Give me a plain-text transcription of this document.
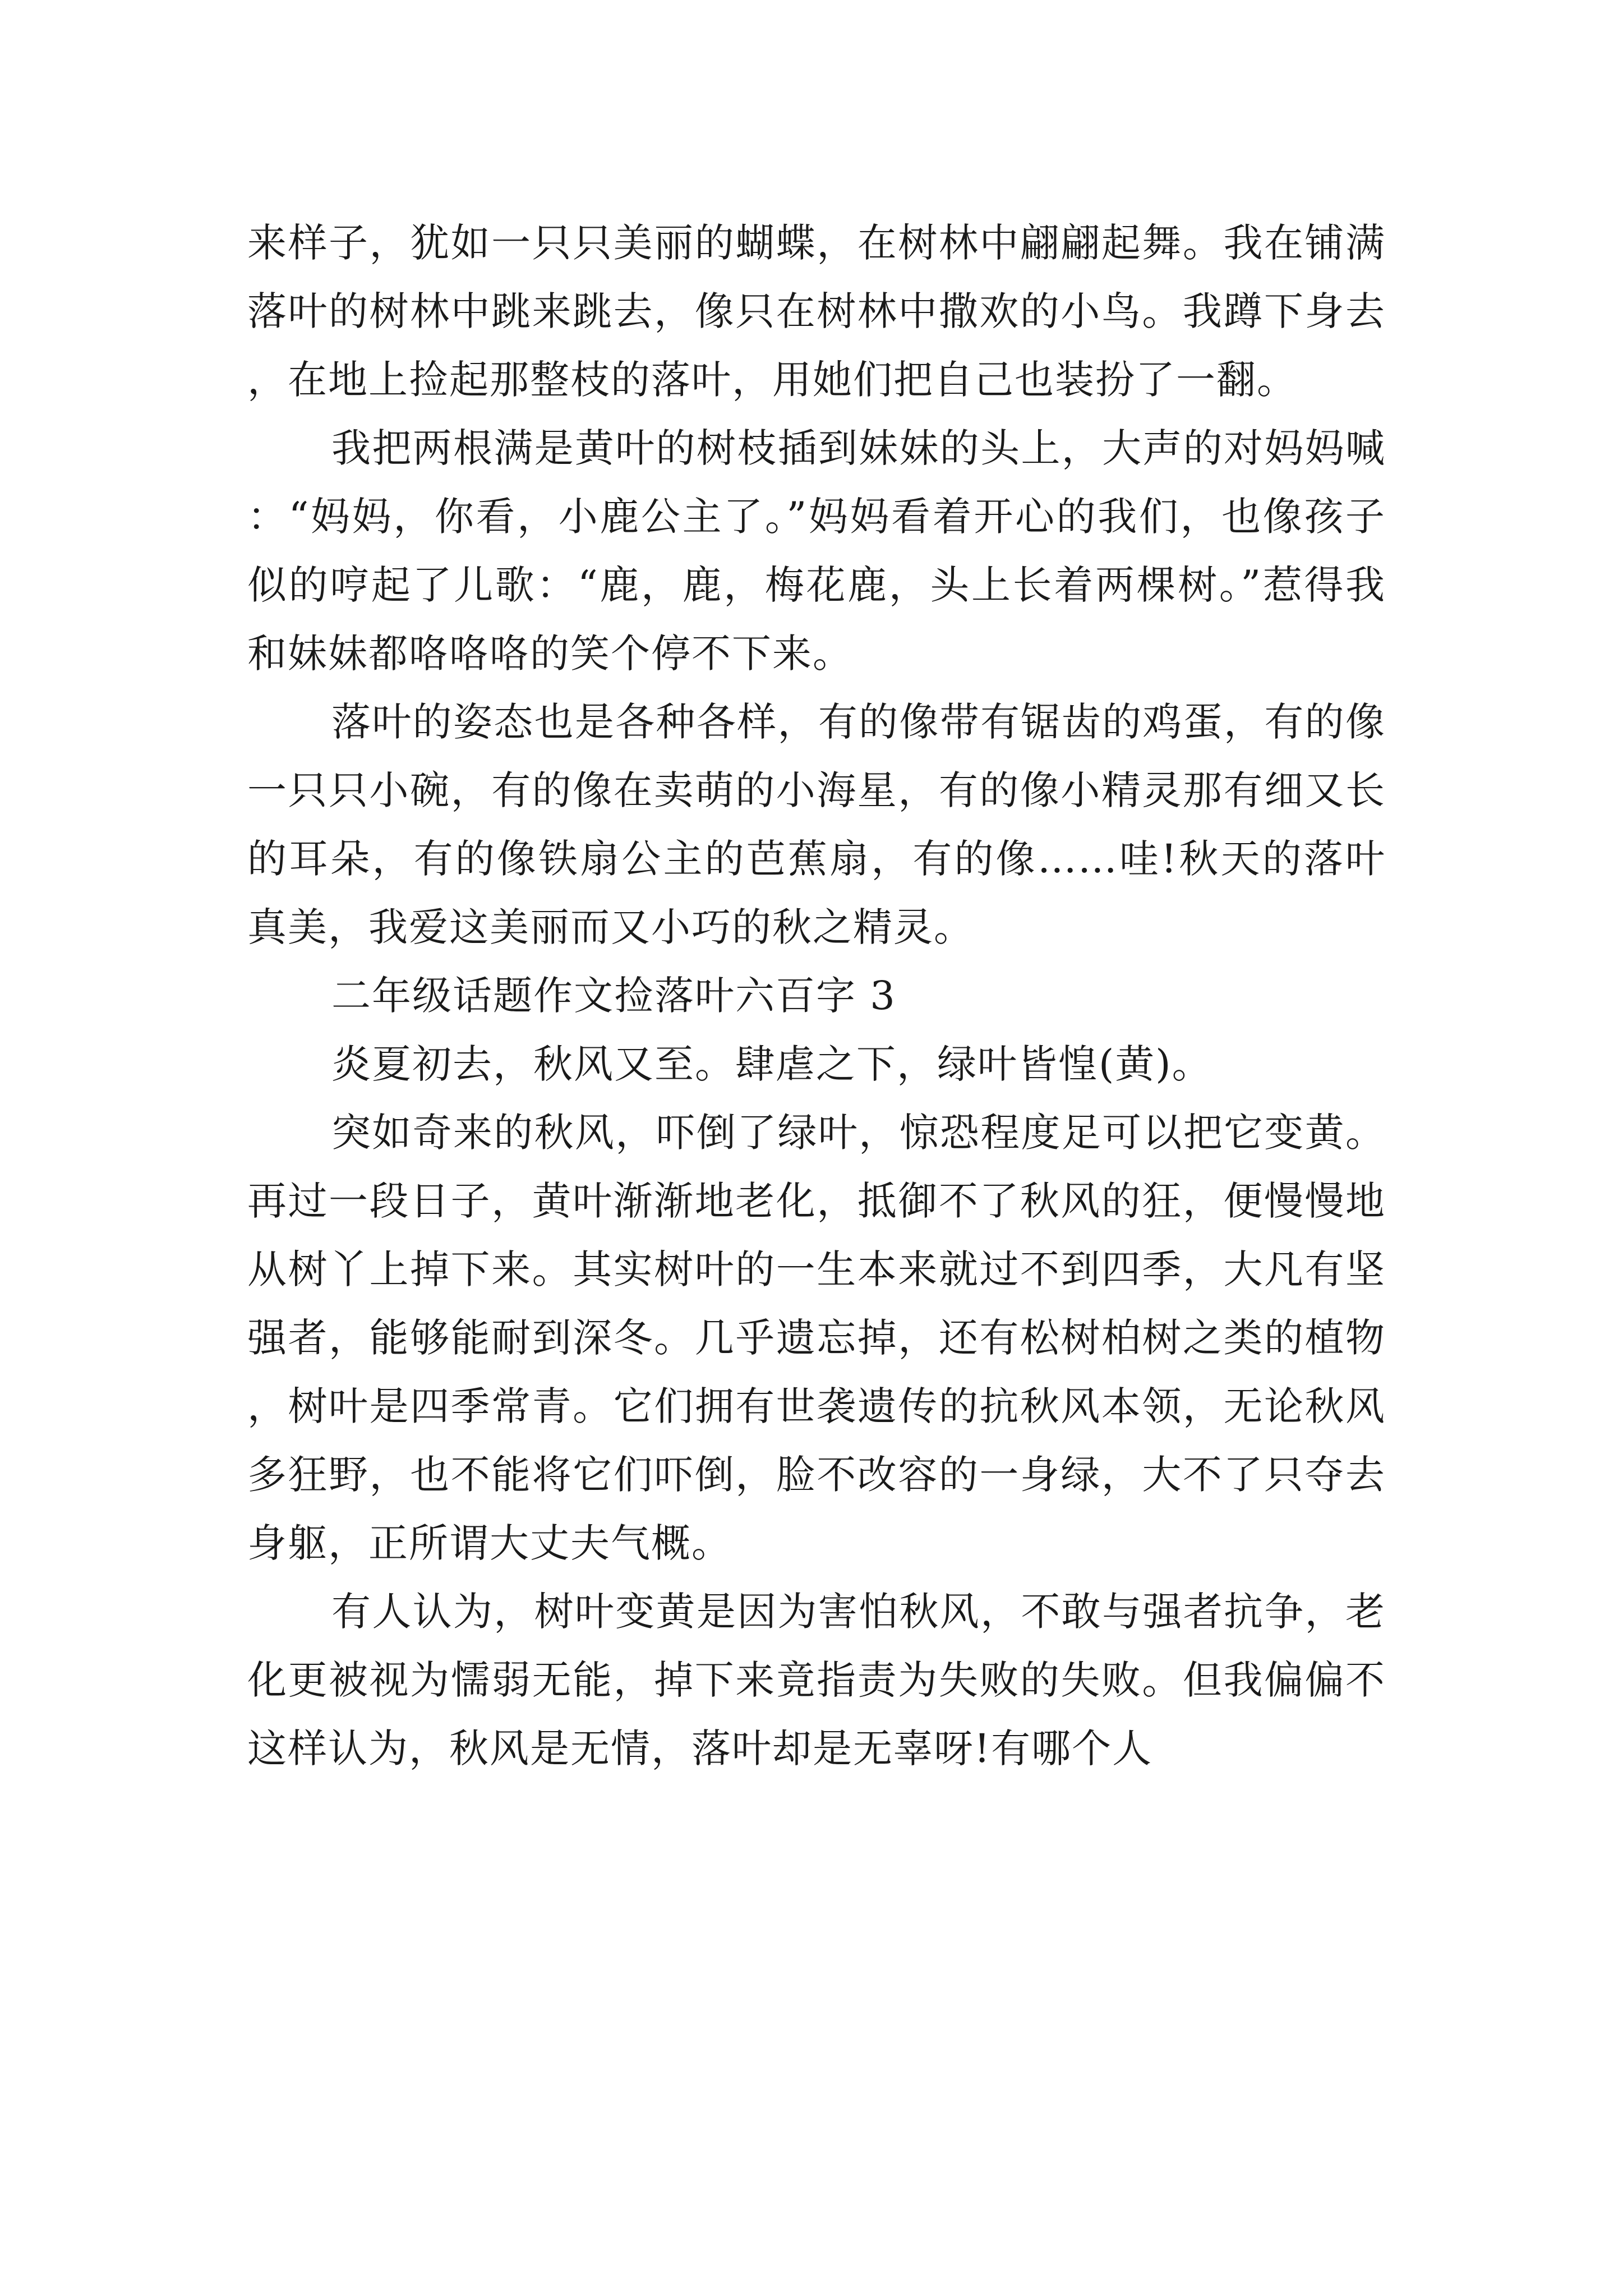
来样子，犹如一只只美丽的蝴蝶，在树林中翩翩起舞。我在铺满落叶的树林中跳来跳去，像只在树林中撒欢的小鸟。我蹲下身去，在地上捡起那整枝的落叶，用她们把自己也装扮了一翻。

我把两根满是黄叶的树枝插到妹妹的头上，大声的对妈妈喊：“妈妈，你看，小鹿公主了。”妈妈看着开心的我们，也像孩子似的哼起了儿歌：“鹿，鹿，梅花鹿，头上长着两棵树。”惹得我和妹妹都咯咯咯的笑个停不下来。

落叶的姿态也是各种各样，有的像带有锯齿的鸡蛋，有的像一只只小碗，有的像在卖萌的小海星，有的像小精灵那有细又长的耳朵，有的像铁扇公主的芭蕉扇，有的像……哇!秋天的落叶真美，我爱这美丽而又小巧的秋之精灵。

二年级话题作文捡落叶六百字 3

炎夏初去，秋风又至。肆虐之下，绿叶皆惶(黄)。

突如奇来的秋风，吓倒了绿叶，惊恐程度足可以把它变黄。再过一段日子，黄叶渐渐地老化，抵御不了秋风的狂，便慢慢地从树丫上掉下来。其实树叶的一生本来就过不到四季，大凡有坚强者，能够能耐到深冬。几乎遗忘掉，还有松树柏树之类的植物，树叶是四季常青。它们拥有世袭遗传的抗秋风本领，无论秋风多狂野，也不能将它们吓倒，脸不改容的一身绿，大不了只夺去身躯，正所谓大丈夫气概。

有人认为，树叶变黄是因为害怕秋风，不敢与强者抗争，老化更被视为懦弱无能，掉下来竟指责为失败的失败。但我偏偏不这样认为，秋风是无情，落叶却是无辜呀!有哪个人
